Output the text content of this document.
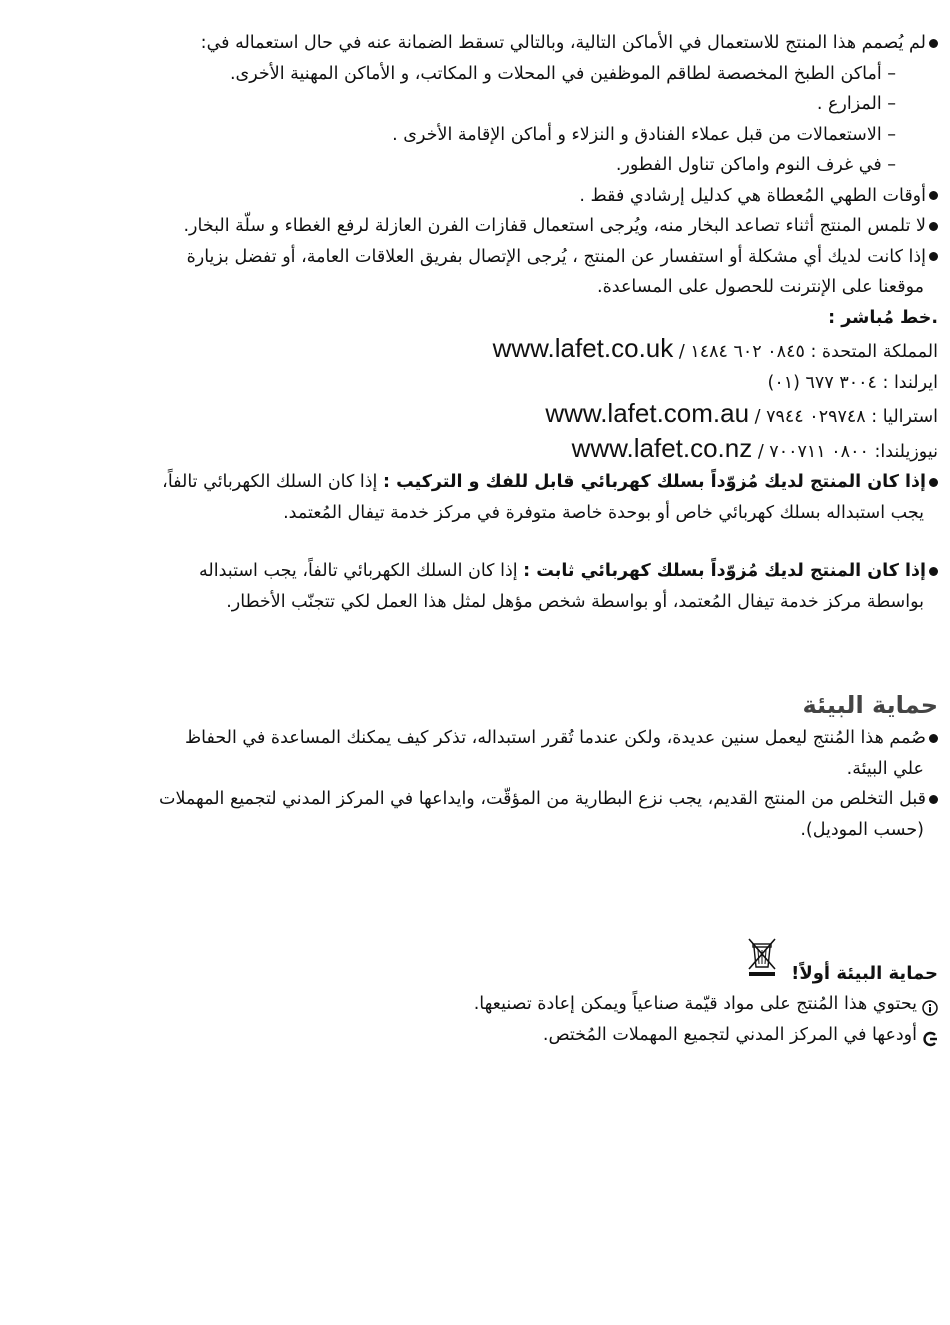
لم يُصمم هذا المنتج للاستعمال في الأماكن التالية، وبالتالي تسقط الضمانة عنه في حال استعماله في:

– أماكن الطبخ المخصصة لطاقم الموظفين في المحلات و المكاتب، و الأماكن المهنية الأخرى.

– المزارع .

– الاستعمالات من قبل عملاء الفنادق و النزلاء و أماكن الإقامة الأخرى .

– في غرف النوم واماكن تناول الفطور.

أوقات الطهي المُعطاة هي كدليل إرشادي فقط .

لا تلمس المنتج أثناء تصاعد البخار منه، ويُرجى استعمال قفازات الفرن العازلة لرفع الغطاء و سلّة البخار.

إذا كانت لديك أي مشكلة أو استفسار عن المنتج ، يُرجى الإتصال بفريق العلاقات العامة، أو تفضل بزيارة

موقعنا على الإنترنت للحصول على المساعدة.

.خط مُباشر :

المملكة المتحدة : ٠٨٤٥ ٦٠٢ ١٤٨٤ / www.lafet.co.uk

ايرلندا : ٣٠٠٤ ٦٧٧ (٠١)

استراليا : ٠٢٩٧٤٨ ٧٩٤٤ / www.lafet.com.au

نيوزيلندا: ٠٨٠٠ ٧٠٠٧١١ / www.lafet.co.nz

إذا كان المنتج لديك مُزوّداً بسلك كهربائي قابل للفك و التركيب : إذا كان السلك الكهربائي تالفاً،

يجب استبداله بسلك كهربائي خاص أو بوحدة خاصة متوفرة في مركز خدمة تيفال المُعتمد.

إذا كان المنتج لديك مُزوّداً بسلك كهربائي ثابت : إذا كان السلك الكهربائي تالفاً، يجب استبداله

بواسطة مركز خدمة تيفال المُعتمد، أو بواسطة شخص مؤهل لمثل هذا العمل لكي تتجنّب الأخطار.

حماية البيئة

صُمم هذا المُنتج ليعمل سنين عديدة، ولكن عندما تُقرر استبداله، تذكر كيف يمكنك المساعدة في الحفاظ

علي البيئة.

قبل التخلص من المنتج القديم، يجب نزع البطارية من المؤقّت، وايداعها في المركز المدني لتجميع المهملات

(حسب الموديل).

حماية البيئة أولاً!

يحتوي هذا المُنتج على مواد قيّمة صناعياً ويمكن إعادة تصنيعها.

أودعها في المركز المدني لتجميع المهملات المُختص.
